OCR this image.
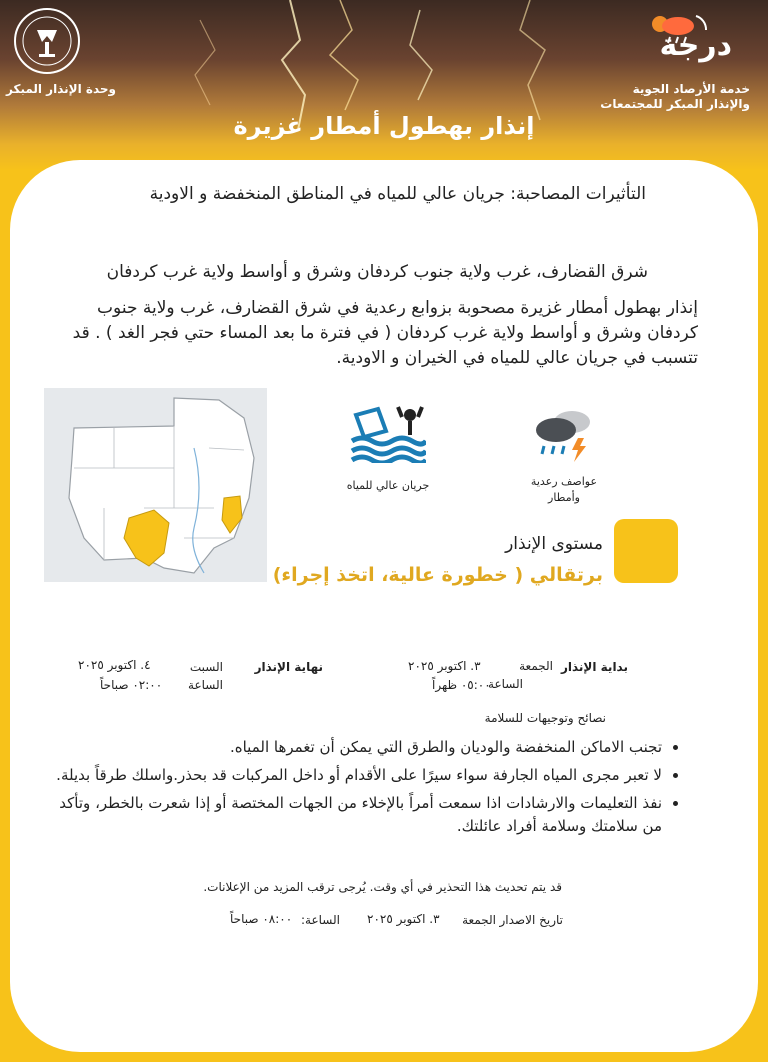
درجة
خدمة الأرصاد الجوية
والإنذار المبكر للمجتمعات
وحدة الإنذار المبكر
إنذار بهطول أمطار غزيرة
التأثيرات المصاحبة: جريان عالي للمياه في المناطق المنخفضة و الاودية
شرق القضارف، غرب ولاية جنوب كردفان وشرق و أواسط ولاية غرب كردفان
إنذار بهطول أمطار غزيرة مصحوبة بزوابع رعدية في شرق القضارف، غرب ولاية جنوب كردفان وشرق و أواسط ولاية غرب كردفان ( في فترة ما بعد المساء حتي فجر الغد ) . قد تتسبب في جريان عالي للمياه في الخيران و الاودية.
جريان عالي للمياه	عواصف رعدية وأمطار
مستوى الإنذار
برتقالي ( خطورة عالية، اتخذ إجراء)
بداية الإنذار
الجمعة
الساعة
٣. اكتوبر ٢٠٢٥
٠٥:٠٠ ظهراً
نهاية الإنذار
السبت
الساعة
٤. اكتوبر ٢٠٢٥
٠٢:٠٠ صباحاً
نصائح وتوجيهات للسلامة
• تجنب الاماكن المنخفضة والوديان والطرق التي يمكن أن تغمرها المياه.
• لا تعبر مجرى المياه الجارفة سواء سيرًا على الأقدام أو داخل المركبات قد بحذر.واسلك طرقاً بديلة.
• نفذ التعليمات والارشادات اذا سمعت أمراً بالإخلاء من الجهات المختصة أو إذا شعرت بالخطر، وتأكد من سلامتك وسلامة أفراد عائلتك.
قد يتم تحديث هذا التحذير في أي وقت. يُرجى ترقب المزيد من الإعلانات.
تاريخ الاصدار
الجمعة
٣. اكتوبر ٢٠٢٥
الساعة:
٠٨:٠٠ صباحاً
